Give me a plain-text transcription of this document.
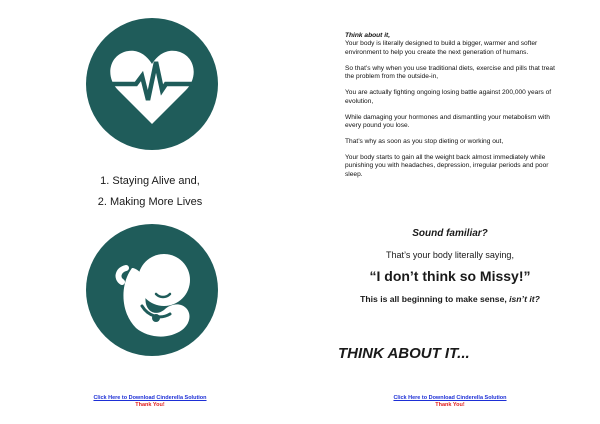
1. Staying Alive and,
2. Making More Lives
Click Here to Download Cinderella Solution
Thank You!

Think about it,

Your body is literally designed to build a bigger, warmer and softer environment to help you create the next generation of humans.

So that’s why when you use traditional diets, exercise and pills that treat the problem from the outside-in,

You are actually fighting ongoing losing battle against 200,000 years of evolution,

While damaging your hormones and dismantling your metabolism with every pound you lose.

That’s why as soon as you stop dieting or working out,

Your body starts to gain all the weight back almost immediately while punishing you with headaches, depression, irregular periods and poor sleep.

Sound familiar?
That’s your body literally saying,
“I don’t think so Missy!”
This is all beginning to make sense, isn’t it?
THINK ABOUT IT...
Click Here to Download Cinderella Solution
Thank You!
